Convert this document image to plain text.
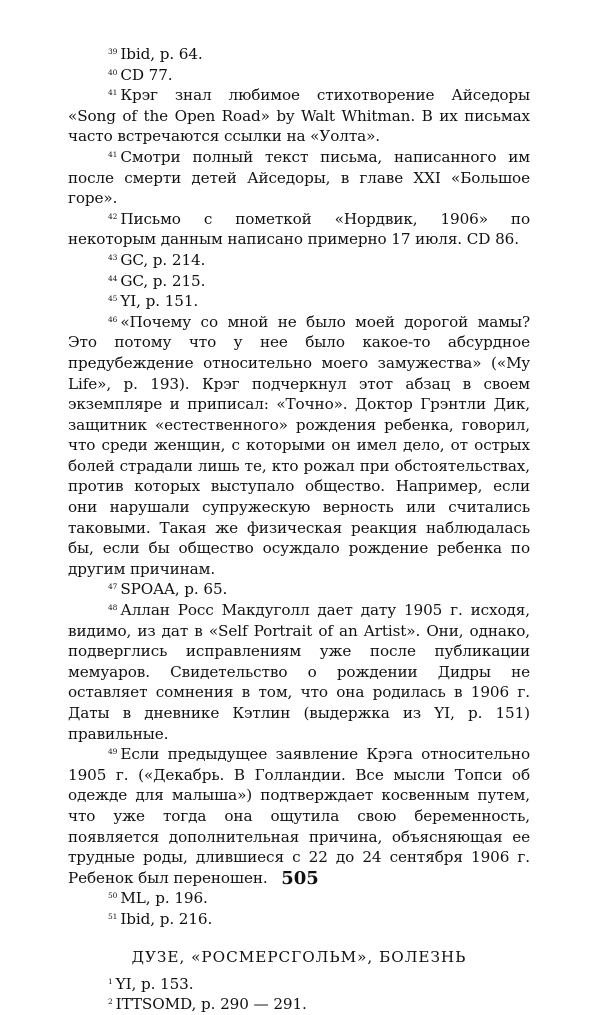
$^{39}$ Ibid, p. 64.

$^{40}$ CD 77.

$^{41}$ Крэг знал любимое стихотворение Айседоры «Song of the Open Road» by Walt Whitman. В их письмах часто встречаются ссылки на «Уолта».

$^{41}$ Смотри полный текст письма, написанного им после смерти детей Айседоры, в главе XXI «Большое горе».

$^{42}$ Письмо с пометкой «Нордвик, 1906» по некоторым данным написано примерно 17 июля. CD 86.

$^{43}$ GC, p. 214.

$^{44}$ GC, p. 215.

$^{45}$ YI, p. 151.

$^{46}$ «Почему со мной не было моей дорогой мамы? Это потому что у нее было какое-то абсурдное предубеждение относительно моего замужества» («My Life», p. 193). Крэг подчеркнул этот абзац в своем экземпляре и приписал: «Точно». Доктор Грэнтли Дик, защитник «естественного» рождения ребенка, говорил, что среди женщин, с которыми он имел дело, от острых болей страдали лишь те, кто рожал при обстоятельствах, против которых выступало общество. Например, если они нарушали супружескую верность или считались таковыми. Такая же физическая реакция наблюдалась бы, если бы общество осуждало рождение ребенка по другим причинам.

$^{47}$ SPOAA, p. 65.

$^{48}$ Аллан Росс Макдуголл дает дату 1905 г. исходя, видимо, из дат в «Self Portrait of an Artist». Они, однако, подверглись исправлениям уже после публикации мемуаров. Свидетельство о рождении Дидры не оставляет сомнения в том, что она родилась в 1906 г. Даты в дневнике Кэтлин (выдержка из YI, p. 151) правильные.

$^{49}$ Если предыдущее заявление Крэга относительно 1905 г. («Декабрь. В Голландии. Все мысли Топси об одежде для малыша») подтверждает косвенным путем, что уже тогда она ощутила свою беременность, появляется дополнительная причина, объясняющая ее трудные роды, длившиеся с 22 до 24 сентября 1906 г. Ребенок был переношен.

$^{50}$ ML, p. 196.

$^{51}$ Ibid, p. 216.

ДУЗЕ, «РОСМЕРСГОЛЬМ», БОЛЕЗНЬ

$^1$ YI, p. 153.

$^2$ ITTSOMD, p. 290 — 291.

505
